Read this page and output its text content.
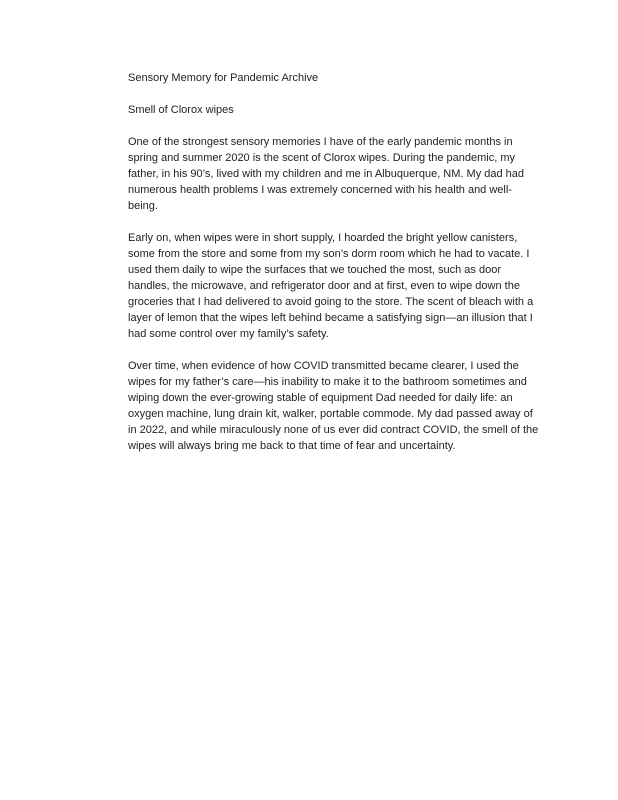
Sensory Memory for Pandemic Archive
Smell of Clorox wipes
One of the strongest sensory memories I have of the early pandemic months in
spring and summer 2020 is the scent of Clorox wipes. During the pandemic, my
father, in his 90’s, lived with my children and me in Albuquerque, NM. My dad had
numerous health problems I was extremely concerned with his health and well-
being.
Early on, when wipes were in short supply, I hoarded the bright yellow canisters,
some from the store and some from my son’s dorm room which he had to vacate. I
used them daily to wipe the surfaces that we touched the most, such as door
handles, the microwave, and refrigerator door and at first, even to wipe down the
groceries that I had delivered to avoid going to the store. The scent of bleach with a
layer of lemon that the wipes left behind became a satisfying sign—an illusion that I
had some control over my family’s safety.
Over time, when evidence of how COVID transmitted became clearer, I used the
wipes for my father’s care—his inability to make it to the bathroom sometimes and
wiping down the ever-growing stable of equipment Dad needed for daily life: an
oxygen machine, lung drain kit, walker, portable commode. My dad passed away of
in 2022, and while miraculously none of us ever did contract COVID, the smell of the
wipes will always bring me back to that time of fear and uncertainty.
